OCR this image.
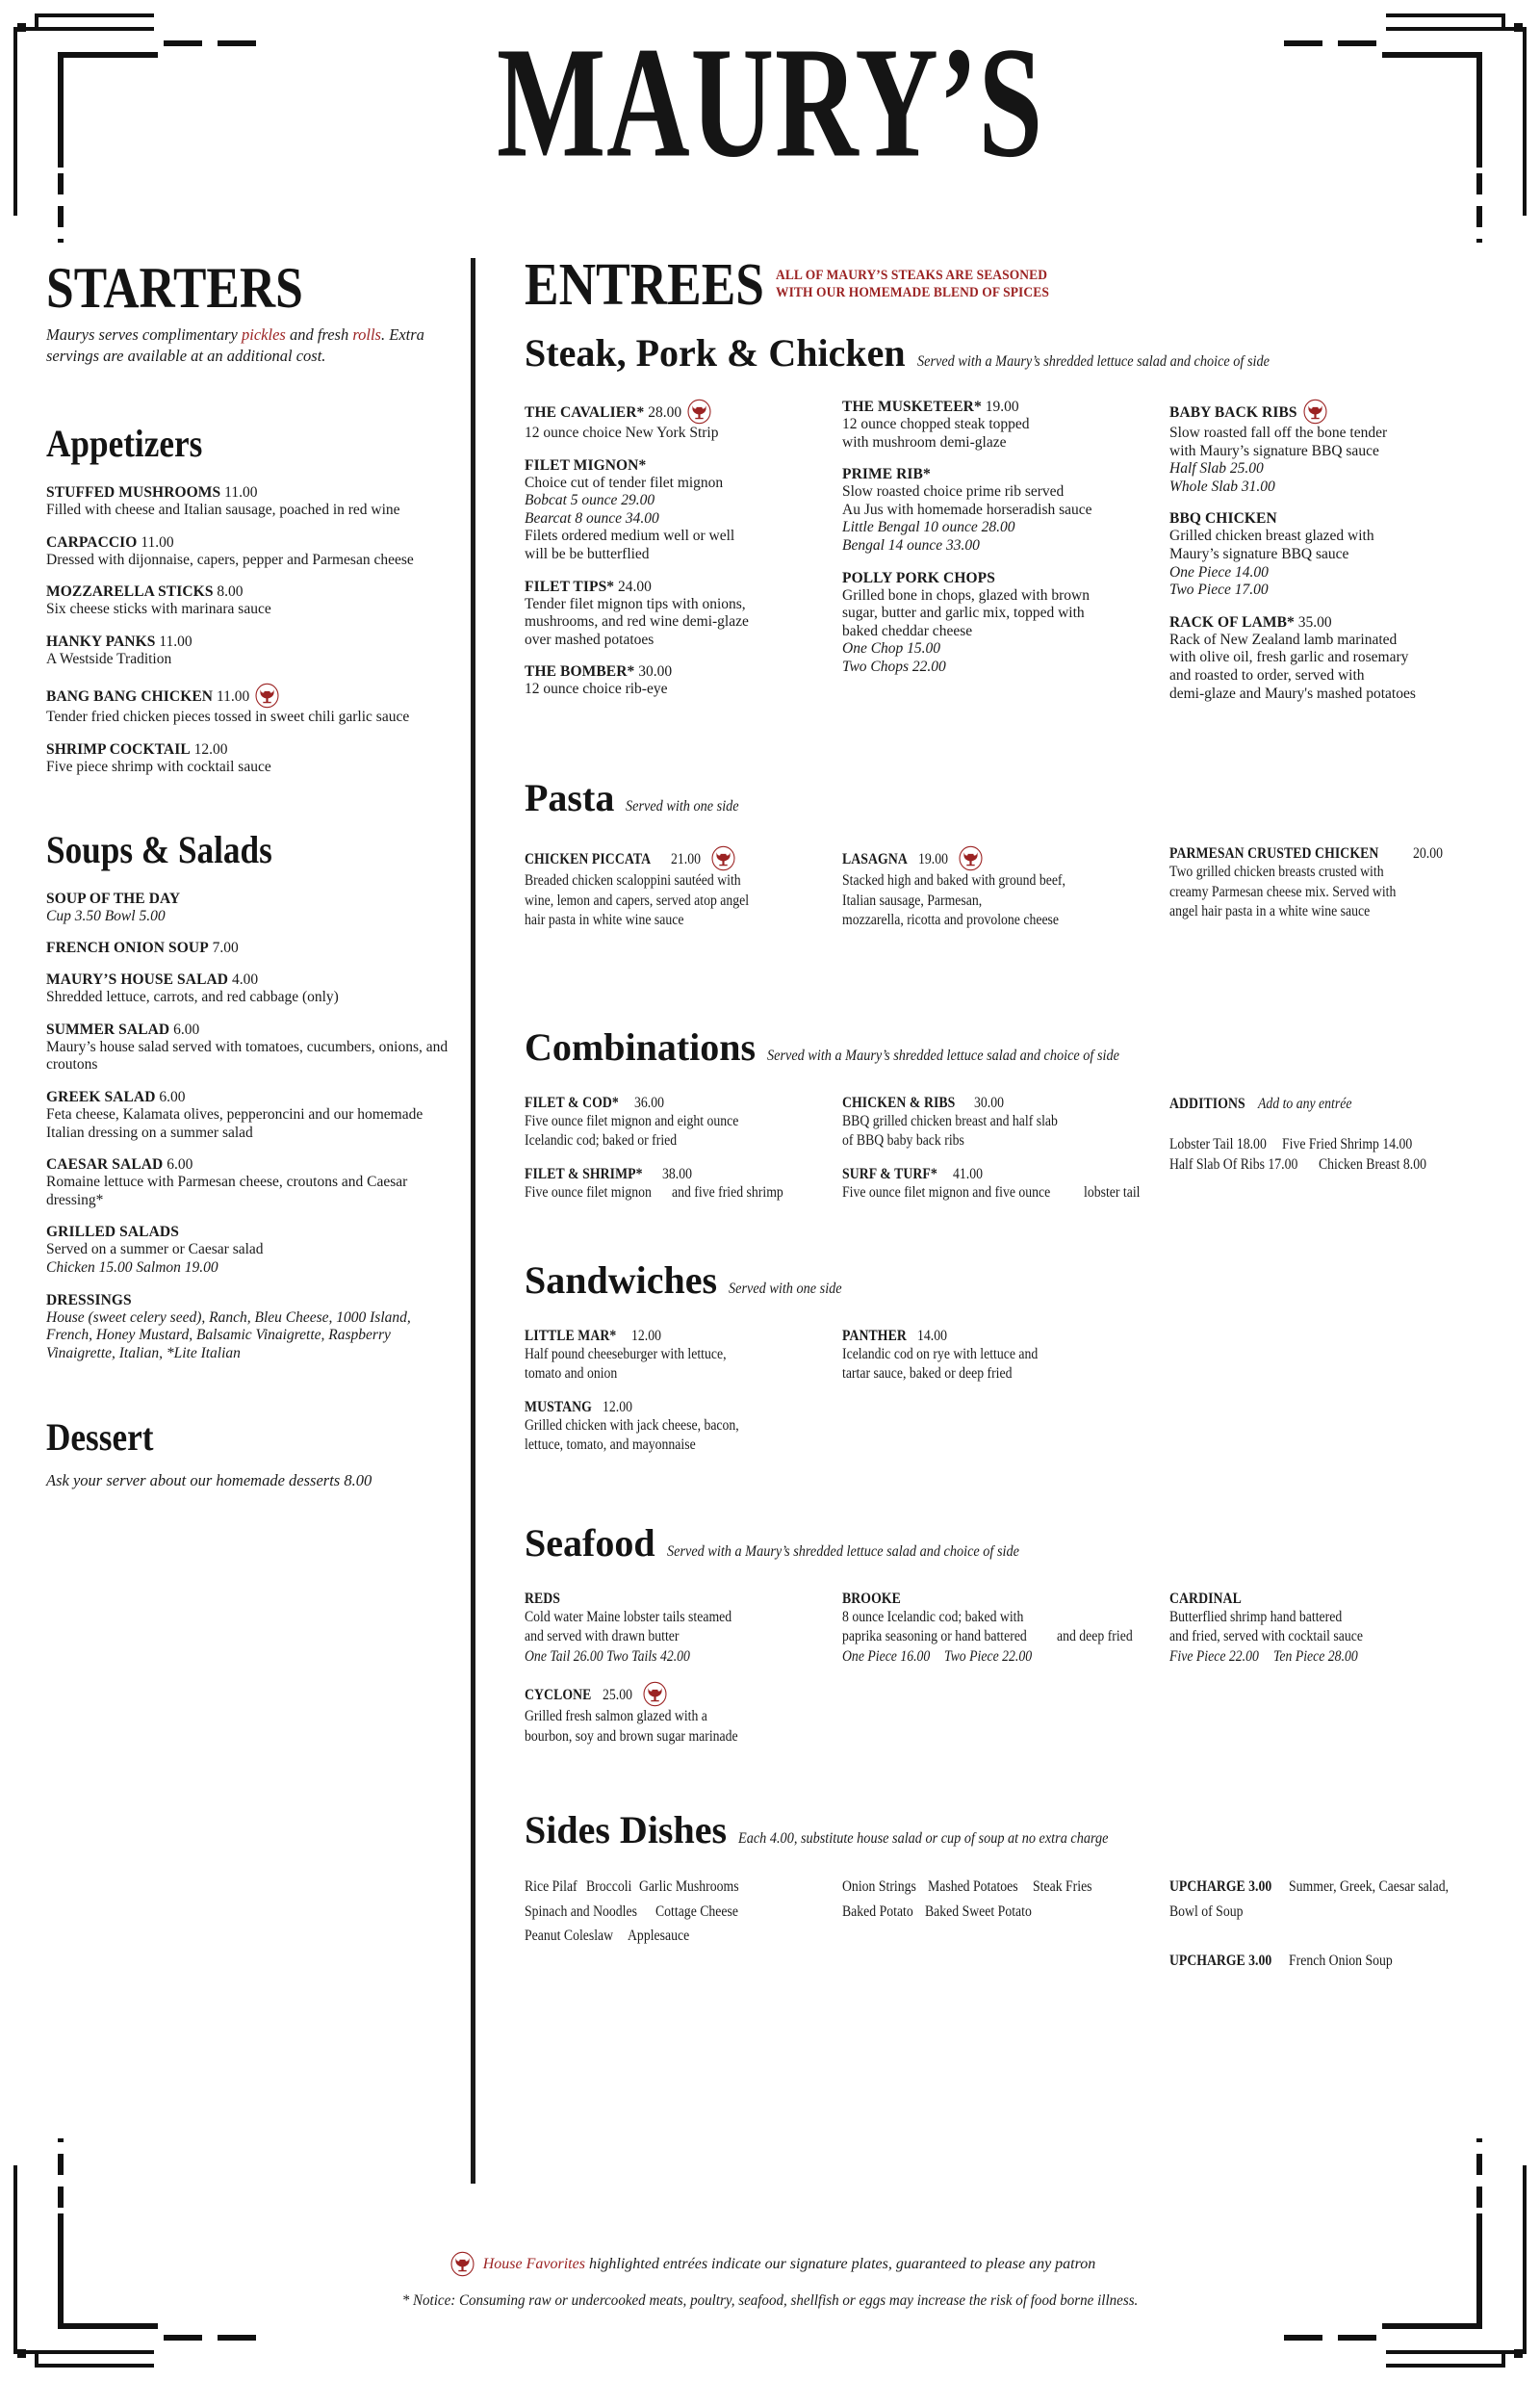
MAURY’S
STARTERS
Maurys serves complimentary pickles and fresh rolls. Extra servings are available at an additional cost.
Appetizers
STUFFED MUSHROOMS 11.00
Filled with cheese and Italian sausage, poached in red wine
CARPACCIO 11.00
Dressed with dijonnaise, capers, pepper and Parmesan cheese
MOZZARELLA STICKS 8.00
Six cheese sticks with marinara sauce
HANKY PANKS 11.00
A Westside Tradition
BANG BANG CHICKEN 11.00
Tender fried chicken pieces tossed in sweet chili garlic sauce
SHRIMP COCKTAIL 12.00
Five piece shrimp with cocktail sauce
Soups & Salads
SOUP OF THE DAY
Cup 3.50 Bowl 5.00
FRENCH ONION SOUP 7.00
MAURY’S HOUSE SALAD 4.00
Shredded lettuce, carrots, and red cabbage (only)
SUMMER SALAD 6.00
Maury’s house salad served with tomatoes, cucumbers, onions, and croutons
GREEK SALAD 6.00
Feta cheese, Kalamata olives, pepperoncini and our homemade Italian dressing on a summer salad
CAESAR SALAD 6.00
Romaine lettuce with Parmesan cheese, croutons and Caesar dressing*
GRILLED SALADS
Served on a summer or Caesar salad
Chicken 15.00 Salmon 19.00
DRESSINGS
House (sweet celery seed), Ranch, Bleu Cheese, 1000 Island, French, Honey Mustard, Balsamic Vinaigrette, Raspberry Vinaigrette, Italian, *Lite Italian
Dessert
Ask your server about our homemade desserts 8.00
ENTREES ALL OF MAURY’S STEAKS ARE SEASONED
WITH OUR HOMEMADE BLEND OF SPICES
Steak, Pork & Chicken Served with a Maury’s shredded lettuce salad and choice of side
THE CAVALIER* 28.00
12 ounce choice New York Strip
FILET MIGNON*
Choice cut of tender filet mignon
Bobcat 5 ounce 29.00
Bearcat 8 ounce 34.00
Filets ordered medium well or well
will be be butterflied
FILET TIPS* 24.00
Tender filet mignon tips with onions,
mushrooms, and red wine demi-glaze
over mashed potatoes
THE BOMBER* 30.00
12 ounce choice rib-eye
THE MUSKETEER* 19.00
12 ounce chopped steak topped
with mushroom demi-glaze
PRIME RIB*
Slow roasted choice prime rib served
Au Jus with homemade horseradish sauce
Little Bengal 10 ounce 28.00
Bengal 14 ounce 33.00
POLLY PORK CHOPS
Grilled bone in chops, glazed with brown
sugar, butter and garlic mix, topped with
baked cheddar cheese
One Chop 15.00
Two Chops 22.00
BABY BACK RIBS
Slow roasted fall off the bone tender
with Maury’s signature BBQ sauce
Half Slab 25.00
Whole Slab 31.00
BBQ CHICKEN
Grilled chicken breast glazed with
Maury’s signature BBQ sauce
One Piece 14.00
Two Piece 17.00
RACK OF LAMB* 35.00
Rack of New Zealand lamb marinated
with olive oil, fresh garlic and rosemary
and roasted to order, served with
demi-glaze and Maury's mashed potatoes
Pasta Served with one side
CHICKEN PICCATA21.00
Breaded chicken scaloppini sautéed withwine, lemon and capers, served atop angelhair pasta in white wine sauce
LASAGNA19.00
Stacked high and baked with ground beef,Italian sausage, Parmesan,mozzarella, ricotta and provolone cheese
PARMESAN CRUSTED CHICKEN20.00
Two grilled chicken breasts crusted withcreamy Parmesan cheese mix. Served withangel hair pasta in a white wine sauce
Combinations Served with a Maury’s shredded lettuce salad and choice of side
FILET & COD*36.00
Five ounce filet mignon and eight ounceIcelandic cod; baked or fried
FILET & SHRIMP*38.00
Five ounce filet mignon and five fried shrimp
CHICKEN & RIBS30.00
BBQ grilled chicken breast and half slabof BBQ baby back ribs
SURF & TURF*41.00
Five ounce filet mignon and five ounce lobster tail
ADDITIONS Add to any entrée
Lobster Tail 18.00 Five Fried Shrimp 14.00Half Slab Of Ribs 17.00 Chicken Breast 8.00
Sandwiches Served with one side
LITTLE MAR*12.00
Half pound cheeseburger with lettuce,tomato and onion
MUSTANG12.00
Grilled chicken with jack cheese, bacon,lettuce, tomato, and mayonnaise
PANTHER14.00
Icelandic cod on rye with lettuce andtartar sauce, baked or deep fried
Seafood Served with a Maury’s shredded lettuce salad and choice of side
REDS
Cold water Maine lobster tails steamedand served with drawn butterOne Tail 26.00 Two Tails 42.00
CYCLONE25.00
Grilled fresh salmon glazed with abourbon, soy and brown sugar marinade
BROOKE
8 ounce Icelandic cod; baked withpaprika seasoning or hand battered and deep friedOne Piece 16.00 Two Piece 22.00
CARDINAL
Butterflied shrimp hand batteredand fried, served with cocktail sauceFive Piece 22.00 Ten Piece 28.00
Sides Dishes Each 4.00, substitute house salad or cup of soup at no extra charge
Rice Pilaf Broccoli Garlic MushroomsSpinach and Noodles Cottage CheesePeanut Coleslaw Applesauce
Onion Strings Mashed Potatoes Steak FriesBaked Potato Baked Sweet Potato
UPCHARGE 3.00 Summer, Greek, Caesar salad,Bowl of Soup
UPCHARGE 3.00 French Onion Soup
House Favorites highlighted entrées indicate our signature plates, guaranteed to please any patron
* Notice: Consuming raw or undercooked meats, poultry, seafood, shellfish or eggs may increase the risk of food borne illness.
